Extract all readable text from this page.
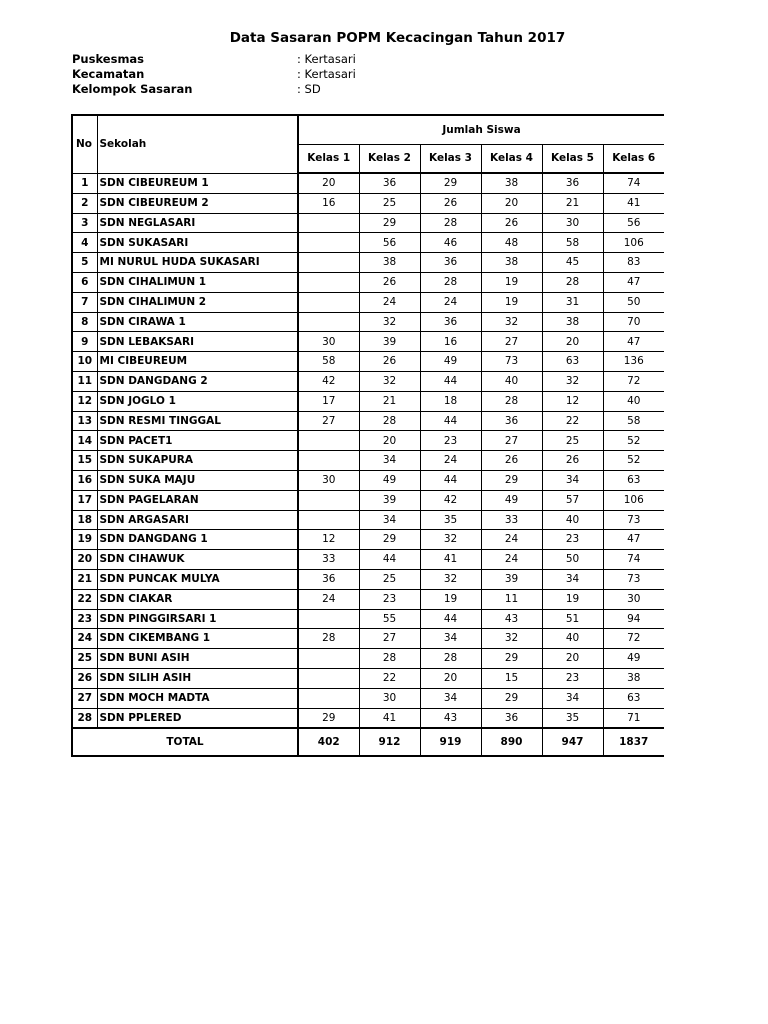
Data Sasaran POPM Kecacingan Tahun 2017
Puskesmas	: Kertasari
Kecamatan	: Kertasari
Kelompok Sasaran	: SD
No	Sekolah	Jumlah Siswa					
		Kelas 1	Kelas 2	Kelas 3	Kelas 4	Kelas 5	Kelas 6
1	SDN CIBEUREUM 1	20	36	29	38	36	74
2	SDN CIBEUREUM 2	16	25	26	20	21	41
3	SDN NEGLASARI		29	28	26	30	56
4	SDN SUKASARI		56	46	48	58	106
5	MI NURUL HUDA SUKASARI		38	36	38	45	83
6	SDN CIHALIMUN 1		26	28	19	28	47
7	SDN CIHALIMUN 2		24	24	19	31	50
8	SDN CIRAWA 1		32	36	32	38	70
9	SDN LEBAKSARI	30	39	16	27	20	47
10	MI CIBEUREUM	58	26	49	73	63	136
11	SDN DANGDANG 2	42	32	44	40	32	72
12	SDN JOGLO 1	17	21	18	28	12	40
13	SDN RESMI TINGGAL	27	28	44	36	22	58
14	SDN PACET1		20	23	27	25	52
15	SDN SUKAPURA		34	24	26	26	52
16	SDN SUKA MAJU	30	49	44	29	34	63
17	SDN PAGELARAN		39	42	49	57	106
18	SDN ARGASARI		34	35	33	40	73
19	SDN DANGDANG 1	12	29	32	24	23	47
20	SDN CIHAWUK	33	44	41	24	50	74
21	SDN PUNCAK MULYA	36	25	32	39	34	73
22	SDN CIAKAR	24	23	19	11	19	30
23	SDN PINGGIRSARI 1		55	44	43	51	94
24	SDN CIKEMBANG 1	28	27	34	32	40	72
25	SDN BUNI ASIH		28	28	29	20	49
26	SDN SILIH ASIH		22	20	15	23	38
27	SDN MOCH MADTA		30	34	29	34	63
28	SDN PPLERED	29	41	43	36	35	71
TOTAL		402	912	919	890	947	1837
